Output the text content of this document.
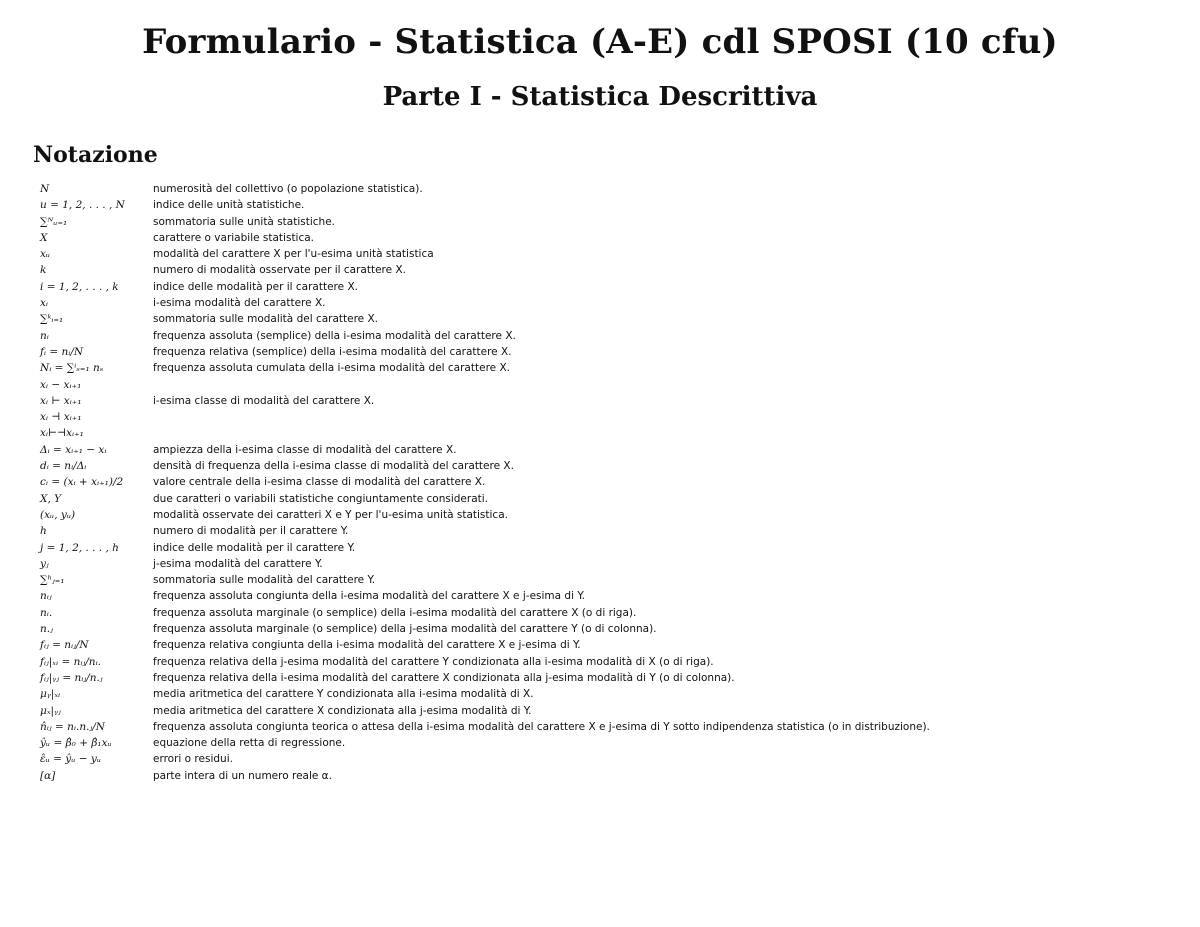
Formulario - Statistica (A-E) cdl SPOSI (10 cfu)
Parte I - Statistica Descrittiva
Notazione
N	numerosità del collettivo (o popolazione statistica).
u = 1, 2, . . . , N	indice delle unità statistiche.
∑ᴺᵤ₌₁	sommatoria sulle unità statistiche.
X	carattere o variabile statistica.
xᵤ	modalità del carattere X per l'u-esima unità statistica
k	numero di modalità osservate per il carattere X.
i = 1, 2, . . . , k	indice delle modalità per il carattere X.
xᵢ	i-esima modalità del carattere X.
∑ᵏᵢ₌₁	sommatoria sulle modalità del carattere X.
nᵢ	frequenza assoluta (semplice) della i-esima modalità del carattere X.
fᵢ = nᵢ/N	frequenza relativa (semplice) della i-esima modalità del carattere X.
Nᵢ = ∑ⁱₛ₌₁ nₛ	frequenza assoluta cumulata della i-esima modalità del carattere X.
xᵢ − xᵢ₊₁
xᵢ ⊢ xᵢ₊₁	i-esima classe di modalità del carattere X.
xᵢ ⊣ xᵢ₊₁
xᵢ⊢⊣xᵢ₊₁
Δᵢ = xᵢ₊₁ − xᵢ	ampiezza della i-esima classe di modalità del carattere X.
dᵢ = nᵢ/Δᵢ	densità di frequenza della i-esima classe di modalità del carattere X.
cᵢ = (xᵢ + xᵢ₊₁)/2	valore centrale della i-esima classe di modalità del carattere X.
X, Y	due caratteri o variabili statistiche congiuntamente considerati.
(xᵤ, yᵤ)	modalità osservate dei caratteri X e Y per l'u-esima unità statistica.
h	numero di modalità per il carattere Y.
j = 1, 2, . . . , h	indice delle modalità per il carattere Y.
yⱼ	j-esima modalità del carattere Y.
∑ʰⱼ₌₁	sommatoria sulle modalità del carattere Y.
nᵢⱼ	frequenza assoluta congiunta della i-esima modalità del carattere X e j-esima di Y.
nᵢ.	frequenza assoluta marginale (o semplice) della i-esima modalità del carattere X (o di riga).
n.ⱼ	frequenza assoluta marginale (o semplice) della j-esima modalità del carattere Y (o di colonna).
fᵢⱼ = nᵢⱼ/N	frequenza relativa congiunta della i-esima modalità del carattere X e j-esima di Y.
fᵢⱼ|ₓᵢ = nᵢⱼ/nᵢ.	frequenza relativa della j-esima modalità del carattere Y condizionata alla i-esima modalità di X (o di riga).
fᵢⱼ|ᵧⱼ = nᵢⱼ/n.ⱼ	frequenza relativa della i-esima modalità del carattere X condizionata alla j-esima modalità di Y (o di colonna).
μᵧ|ₓᵢ	media aritmetica del carattere Y condizionata alla i-esima modalità di X.
μₓ|ᵧⱼ	media aritmetica del carattere X condizionata alla j-esima modalità di Y.
n̂ᵢⱼ = nᵢ.n.ⱼ/N	frequenza assoluta congiunta teorica o attesa della i-esima modalità del carattere X e j-esima di Y sotto indipendenza statistica (o in distribuzione).
ŷᵤ = β̂₀ + β̂₁xᵤ	equazione della retta di regressione.
ε̂ᵤ = ŷᵤ − yᵤ	errori o residui.
[α]	parte intera di un numero reale α.
